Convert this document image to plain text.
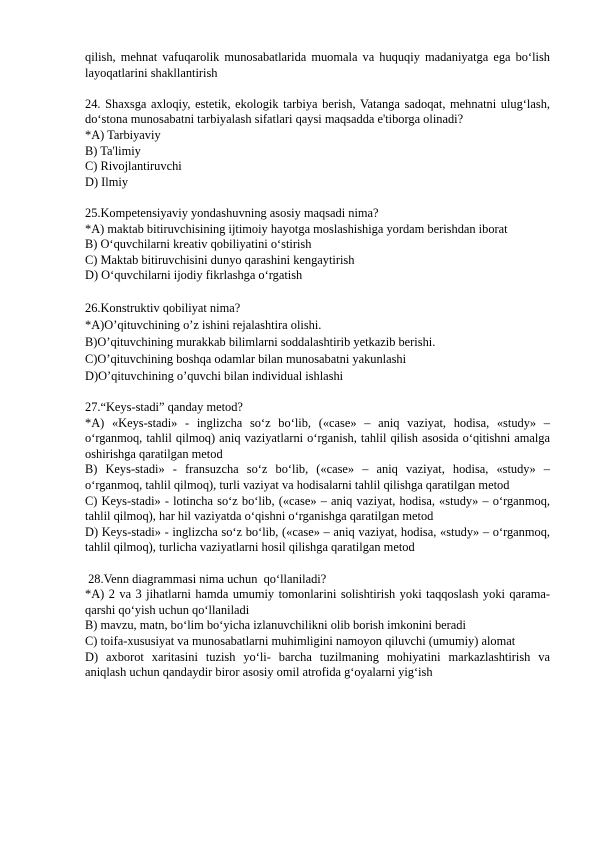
qilish, mehnat vafuqarolik munosabatlarida muomala va huquqiy madaniyatga ega bo‘lish layoqatlarini shakllantirish

24. Shaxsga axloqiy, estetik, ekologik tarbiya berish, Vatanga sadoqat, mehnatni ulug‘lash, do‘stona munosabatni tarbiyalash sifatlari qaysi maqsadda e'tiborga olinadi?

*A) Tarbiyaviy

B) Ta'limiy

C) Rivojlantiruvchi

D) Ilmiy

25.Kompetensiyaviy yondashuvning asosiy maqsadi nima?

*A) maktab bitiruvchisining ijtimoiy hayotga moslashishiga yordam berishdan iborat

B) O‘quvchilarni kreativ qobiliyatini o‘stirish

C) Maktab bitiruvchisini dunyo qarashini kengaytirish

D) O‘quvchilarni ijodiy fikrlashga o‘rgatish

26.Konstruktiv qobiliyat nima?

*A)O’qituvchining o’z ishini rejalashtira olishi.

B)O’qituvchining murakkab bilimlarni soddalashtirib yetkazib berishi.

C)O’qituvchining boshqa odamlar bilan munosabatni yakunlashi

D)O’qituvchining o’quvchi bilan individual ishlashi

27.“Keys-stadi” qanday metod?

*A) «Keys-stadi» - inglizcha so‘z bo‘lib, («case» – aniq vaziyat, hodisa, «study» – o‘rganmoq, tahlil qilmoq) aniq vaziyatlarni o‘rganish, tahlil qilish asosida o‘qitishni amalga oshirishga qaratilgan metod

B) Keys-stadi» - fransuzcha so‘z bo‘lib, («case» – aniq vaziyat, hodisa, «study» – o‘rganmoq, tahlil qilmoq), turli vaziyat va hodisalarni tahlil qilishga qaratilgan metod

C) Keys-stadi» - lotincha so‘z bo‘lib, («case» – aniq vaziyat, hodisa, «study» – o‘rganmoq, tahlil qilmoq), har hil vaziyatda o‘qishni o‘rganishga qaratilgan metod

D) Keys-stadi» - inglizcha so‘z bo‘lib, («case» – aniq vaziyat, hodisa, «study» – o‘rganmoq, tahlil qilmoq), turlicha vaziyatlarni hosil qilishga qaratilgan metod

28.Venn diagrammasi nima uchun  qo‘llaniladi?

*A) 2 va 3 jihatlarni hamda umumiy tomonlarini solishtirish yoki taqqoslash yoki qarama-qarshi qo‘yish uchun qo‘llaniladi

B) mavzu, matn, bo‘lim bo‘yicha izlanuvchilikni olib borish imkonini beradi

C) toifa-xususiyat va munosabatlarni muhimligini namoyon qiluvchi (umumiy) alomat

D) axborot xaritasini tuzish yo‘li- barcha tuzilmaning mohiyatini markazlashtirish va aniqlash uchun qandaydir biror asosiy omil atrofida g‘oyalarni yig‘ish
